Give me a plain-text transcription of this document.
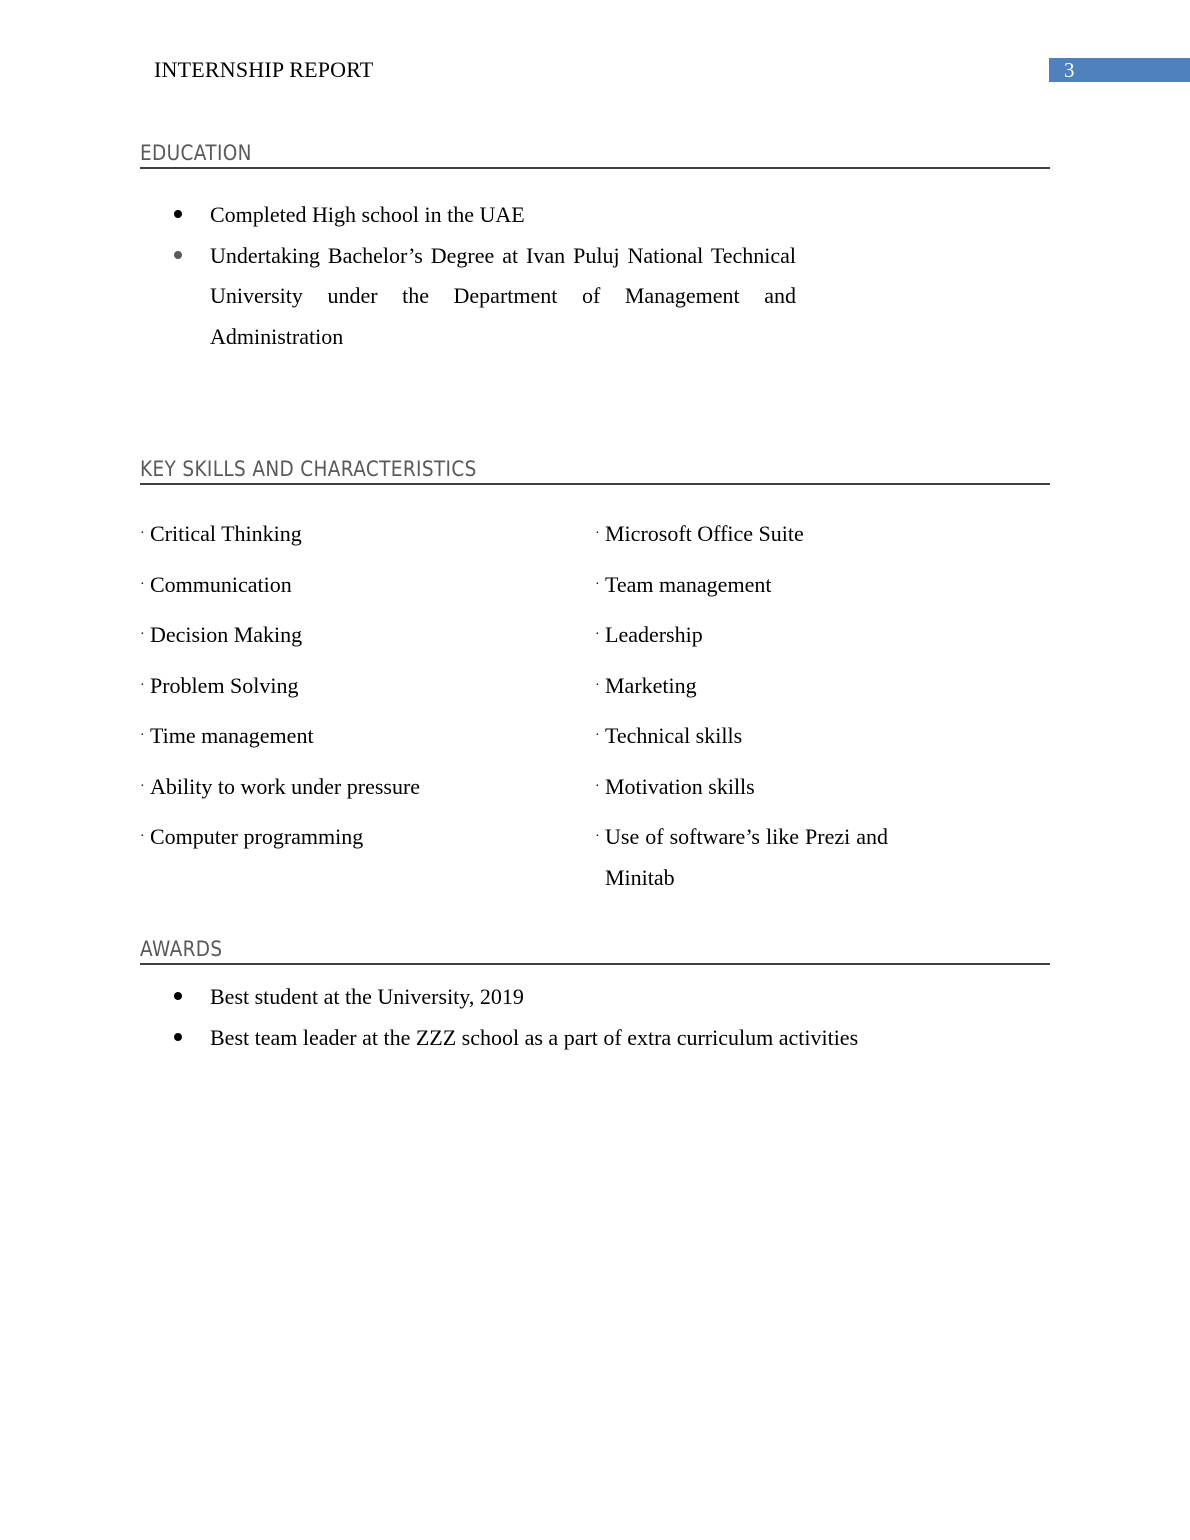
INTERNSHIP REPORT	3
EDUCATION
Completed High school in the UAE
Undertaking Bachelor’s Degree at Ivan Puluj National Technical University under the Department of Management and Administration
KEY SKILLS AND CHARACTERISTICS
· Critical Thinking
· Communication
· Decision Making
· Problem Solving
· Time management
· Ability to work under pressure
· Computer programming
· Microsoft Office Suite
· Team management
· Leadership
· Marketing
· Technical skills
· Motivation skills
· Use of software’s like Prezi and Minitab
AWARDS
Best student at the University, 2019
Best team leader at the ZZZ school as a part of extra curriculum activities
